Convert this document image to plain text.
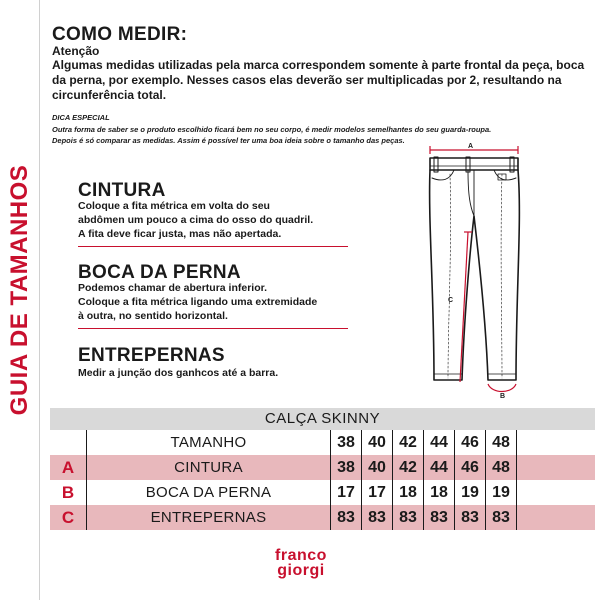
GUIA DE TAMANHOS
COMO MEDIR:
Atenção
Algumas medidas utilizadas pela marca correspondem somente à parte frontal da peça, boca da perna, por exemplo. Nesses casos elas deverão ser multiplicadas por 2, resultando na circunferência total.
DICA ESPECIAL
Outra forma de saber se o produto escolhido ficará bem no seu corpo, é medir modelos semelhantes do seu guarda-roupa.
Depois é só comparar as medidas. Assim é possível ter uma boa ideia sobre o tamanho das peças.
CINTURA
Coloque a fita métrica em volta do seu
abdômen um pouco a cima do osso do quadril.
A fita deve ficar justa, mas não apertada.
BOCA DA PERNA
Podemos chamar de abertura inferior.
Coloque a fita métrica ligando uma extremidade
à outra, no sentido horizontal.
ENTREPERNAS
Medir a junção dos ganhcos até a barra.
A
C
B
CALÇA SKINNY
TAMANHO	38 40 42 44 46 48
A	CINTURA	38 40 42 44 46 48
B	BOCA DA PERNA	17 17 18 18 19 19
C	ENTREPERNAS	83 83 83 83 83 83
franco
giorgi
